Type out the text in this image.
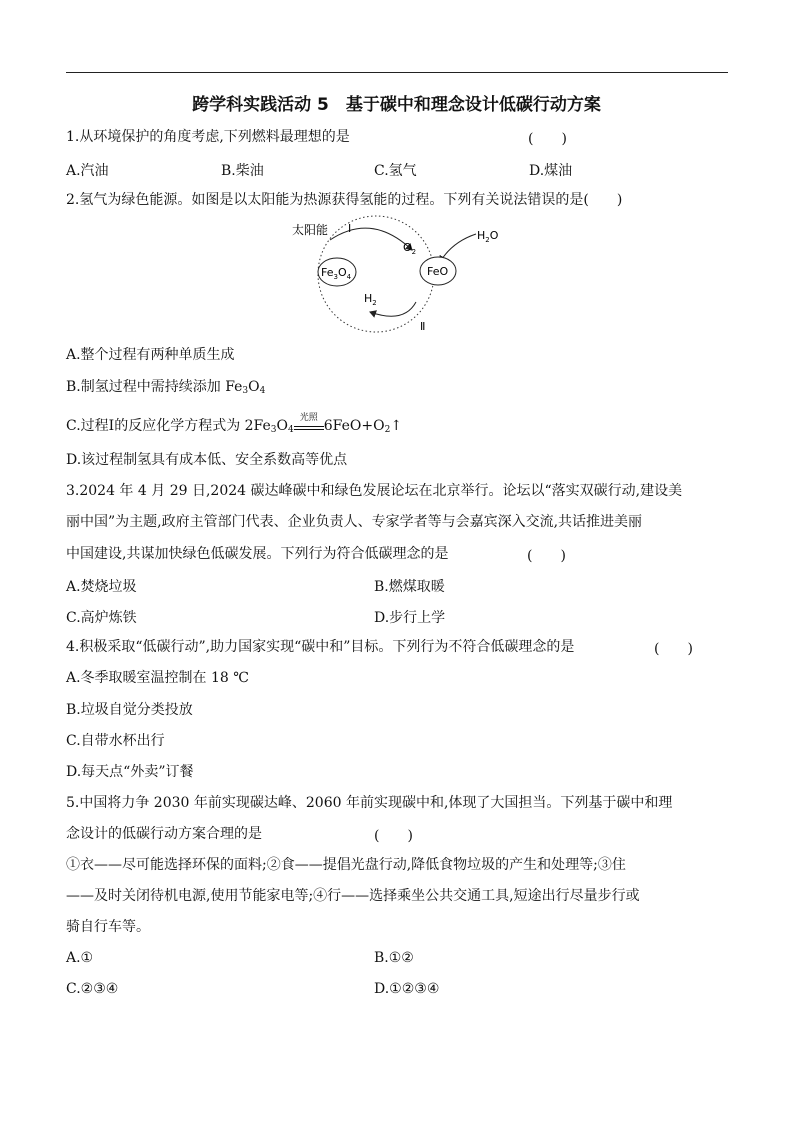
跨学科实践活动 5　基于碳中和理念设计低碳行动方案
1.从环境保护的角度考虑,下列燃料最理想的是	(　　)
A.汽油	B.柴油	C.氢气	D.煤油
2.氢气为绿色能源。如图是以太阳能为热源获得氢能的过程。下列有关说法错误的是(　　)
太阳能 Ⅰ
$O_2$
$H_2O$
$H_2$
Ⅱ
$Fe_3O_4$	FeO
A.整个过程有两种单质生成
B.制氢过程中需持续添加 $Fe_3O_4$
C.过程Ⅰ的反应化学方程式为 $2Fe_3O_4$
光照 $6FeO+O_2↑$
D.该过程制氢具有成本低、安全系数高等优点
3.2024 年 4 月 29 日,2024 碳达峰碳中和绿色发展论坛在北京举行。论坛以“落实双碳行动,建设美
丽中国”为主题,政府主管部门代表、企业负责人、专家学者等与会嘉宾深入交流,共话推进美丽
中国建设,共谋加快绿色低碳发展。下列行为符合低碳理念的是	(　　)
A.焚烧垃圾	B.燃煤取暖
C.高炉炼铁	D.步行上学
4.积极采取“低碳行动”,助力国家实现“碳中和”目标。下列行为不符合低碳理念的是	(　　)
A.冬季取暖室温控制在 18 ℃
B.垃圾自觉分类投放
C.自带水杯出行
D.每天点“外卖”订餐
5.中国将力争 2030 年前实现碳达峰、2060 年前实现碳中和,体现了大国担当。下列基于碳中和理
念设计的低碳行动方案合理的是	(　　)
①衣——尽可能选择环保的面料;②食——提倡光盘行动,降低食物垃圾的产生和处理等;③住
——及时关闭待机电源,使用节能家电等;④行——选择乘坐公共交通工具,短途出行尽量步行或
骑自行车等。
A.①	B.①②
C.②③④	D.①②③④
